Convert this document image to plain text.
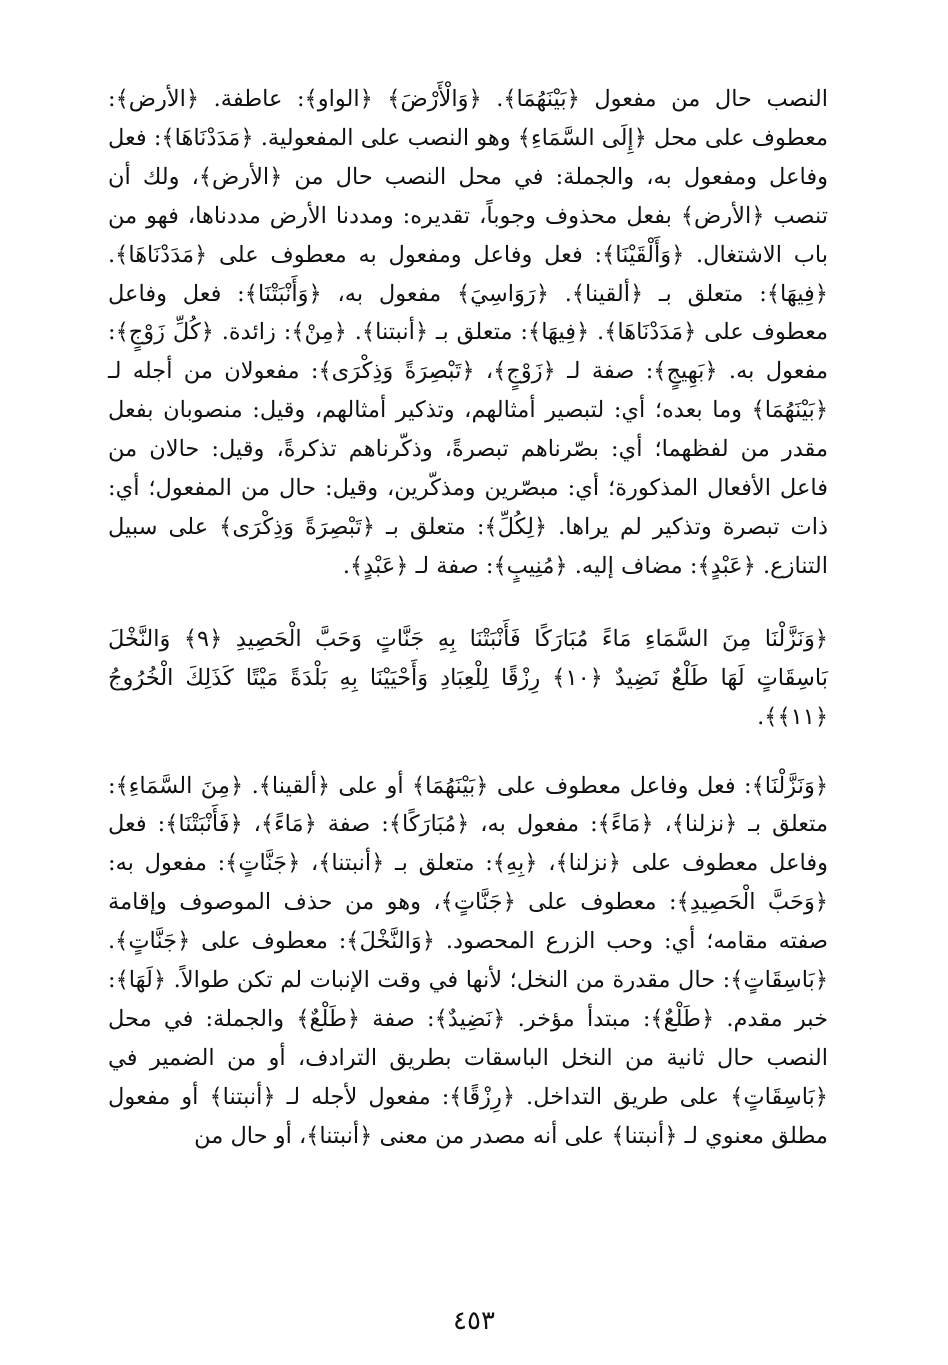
النصب حال من مفعول ﴿بَيْنَهُمَا﴾. ﴿وَالْأَرْضَ﴾ ﴿الواو﴾: عاطفة. ﴿الأرض﴾: معطوف على محل ﴿إِلَى السَّمَاءِ﴾ وهو النصب على المفعولية. ﴿مَدَدْنَاهَا﴾: فعل وفاعل ومفعول به، والجملة: في محل النصب حال من ﴿الأرض﴾، ولك أن تنصب ﴿الأرض﴾ بفعل محذوف وجوباً، تقديره: ومددنا الأرض مددناها، فهو من باب الاشتغال. ﴿وَأَلْقَيْنَا﴾: فعل وفاعل ومفعول به معطوف على ﴿مَدَدْنَاهَا﴾. ﴿فِيهَا﴾: متعلق بـ ﴿ألقينا﴾. ﴿رَوَاسِيَ﴾ مفعول به، ﴿وَأَنْبَتْنَا﴾: فعل وفاعل معطوف على ﴿مَدَدْنَاهَا﴾. ﴿فِيهَا﴾: متعلق بـ ﴿أنبتنا﴾. ﴿مِنْ﴾: زائدة. ﴿كُلِّ زَوْجٍ﴾: مفعول به. ﴿بَهِيجٍ﴾: صفة لـ ﴿زَوْجٍ﴾، ﴿تَبْصِرَةً وَذِكْرَى﴾: مفعولان من أجله لـ ﴿بَيْنَهُمَا﴾ وما بعده؛ أي: لتبصير أمثالهم، وتذكير أمثالهم، وقيل: منصوبان بفعل مقدر من لفظهما؛ أي: بصّرناهم تبصرةً، وذكّرناهم تذكرةً، وقيل: حالان من فاعل الأفعال المذكورة؛ أي: مبصّرين ومذكّرين، وقيل: حال من المفعول؛ أي: ذات تبصرة وتذكير لم يراها. ﴿لِكُلِّ﴾: متعلق بـ ﴿تَبْصِرَةً وَذِكْرَى﴾ على سبيل التنازع. ﴿عَبْدٍ﴾: مضاف إليه. ﴿مُنِيبٍ﴾: صفة لـ ﴿عَبْدٍ﴾.

﴿وَنَزَّلْنَا مِنَ السَّمَاءِ مَاءً مُبَارَكًا فَأَنْبَتْنَا بِهِ جَنَّاتٍ وَحَبَّ الْحَصِيدِ ﴿٩﴾ وَالنَّخْلَ بَاسِقَاتٍ لَهَا طَلْعٌ نَضِيدٌ ﴿١٠﴾ رِزْقًا لِلْعِبَادِ وَأَحْيَيْنَا بِهِ بَلْدَةً مَيْتًا كَذَلِكَ الْخُرُوجُ ﴿١١﴾﴾.

﴿وَنَزَّلْنَا﴾: فعل وفاعل معطوف على ﴿بَيْنَهُمَا﴾ أو على ﴿ألقينا﴾. ﴿مِنَ السَّمَاءِ﴾: متعلق بـ ﴿نزلنا﴾، ﴿مَاءً﴾: مفعول به، ﴿مُبَارَكًا﴾: صفة ﴿مَاءً﴾، ﴿فَأَنْبَتْنَا﴾: فعل وفاعل معطوف على ﴿نزلنا﴾، ﴿بِهِ﴾: متعلق بـ ﴿أنبتنا﴾، ﴿جَنَّاتٍ﴾: مفعول به: ﴿وَحَبَّ الْحَصِيدِ﴾: معطوف على ﴿جَنَّاتٍ﴾، وهو من حذف الموصوف وإقامة صفته مقامه؛ أي: وحب الزرع المحصود. ﴿وَالنَّخْلَ﴾: معطوف على ﴿جَنَّاتٍ﴾. ﴿بَاسِقَاتٍ﴾: حال مقدرة من النخل؛ لأنها في وقت الإنبات لم تكن طوالاً. ﴿لَهَا﴾: خبر مقدم. ﴿طَلْعٌ﴾: مبتدأ مؤخر. ﴿نَضِيدٌ﴾: صفة ﴿طَلْعٌ﴾ والجملة: في محل النصب حال ثانية من النخل الباسقات بطريق الترادف، أو من الضمير في ﴿بَاسِقَاتٍ﴾ على طريق التداخل. ﴿رِزْقًا﴾: مفعول لأجله لـ ﴿أنبتنا﴾ أو مفعول مطلق معنوي لـ ﴿أنبتنا﴾ على أنه مصدر من معنى ﴿أنبتنا﴾، أو حال من

٤٥٣
